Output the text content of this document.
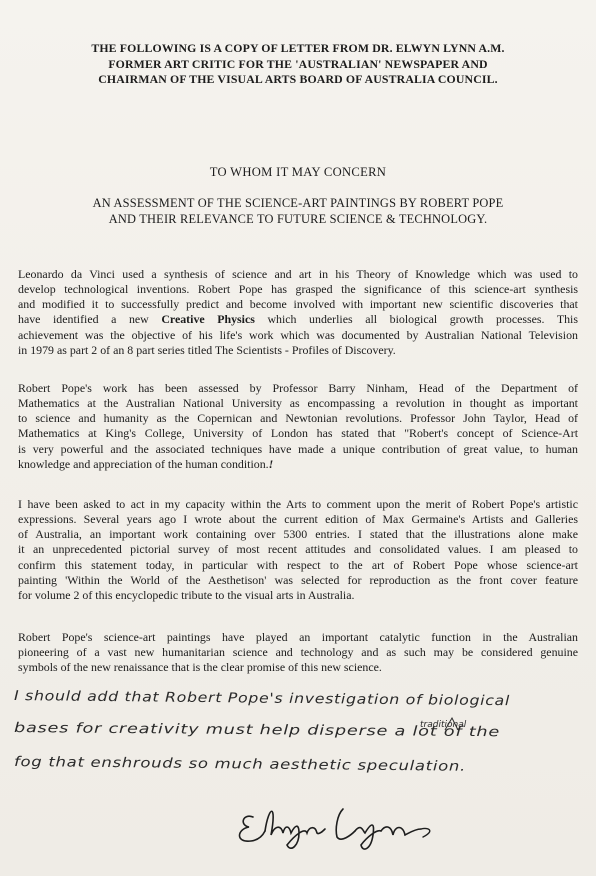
THE FOLLOWING IS A COPY OF LETTER FROM DR. ELWYN LYNN A.M.
FORMER ART CRITIC FOR THE 'AUSTRALIAN' NEWSPAPER AND
CHAIRMAN OF THE VISUAL ARTS BOARD OF AUSTRALIA COUNCIL.
TO WHOM IT MAY CONCERN
AN ASSESSMENT OF THE SCIENCE-ART PAINTINGS BY ROBERT POPE
AND THEIR RELEVANCE TO FUTURE SCIENCE & TECHNOLOGY.
Leonardo da Vinci used a synthesis of science and art in his Theory of Knowledge which was used to
develop technological inventions. Robert Pope has grasped the significance of this science-art synthesis
and modified it to successfully predict and become involved with important new scientific discoveries that
have identified a new Creative Physics which underlies all biological growth processes. This
achievement was the objective of his life's work which was documented by Australian National Television
in 1979 as part 2 of an 8 part series titled The Scientists - Profiles of Discovery.
Robert Pope's work has been assessed by Professor Barry Ninham, Head of the Department of
Mathematics at the Australian National University as encompassing a revolution in thought as important
to science and humanity as the Copernican and Newtonian revolutions. Professor John Taylor, Head of
Mathematics at King's College, University of London has stated that "Robert's concept of Science-Art
is very powerful and the associated techniques have made a unique contribution of great value, to human
knowledge and appreciation of the human condition.!
I have been asked to act in my capacity within the Arts to comment upon the merit of Robert Pope's artistic
expressions. Several years ago I wrote about the current edition of Max Germaine's Artists and Galleries
of Australia, an important work containing over 5300 entries. I stated that the illustrations alone make
it an unprecedented pictorial survey of most recent attitudes and consolidated values. I am pleased to
confirm this statement today, in particular with respect to the art of Robert Pope whose science-art
painting 'Within the World of the Aesthetison' was selected for reproduction as the front cover feature
for volume 2 of this encyclopedic tribute to the visual arts in Australia.
Robert Pope's science-art paintings have played an important catalytic function in the Australian
pioneering of a vast new humanitarian science and technology and as such may be considered genuine
symbols of the new renaissance that is the clear promise of this new science.
I should add that Robert Pope's investigation of biological
traditional
bases for creativity must help disperse a lot of the
fog that enshrouds so much aesthetic speculation.
